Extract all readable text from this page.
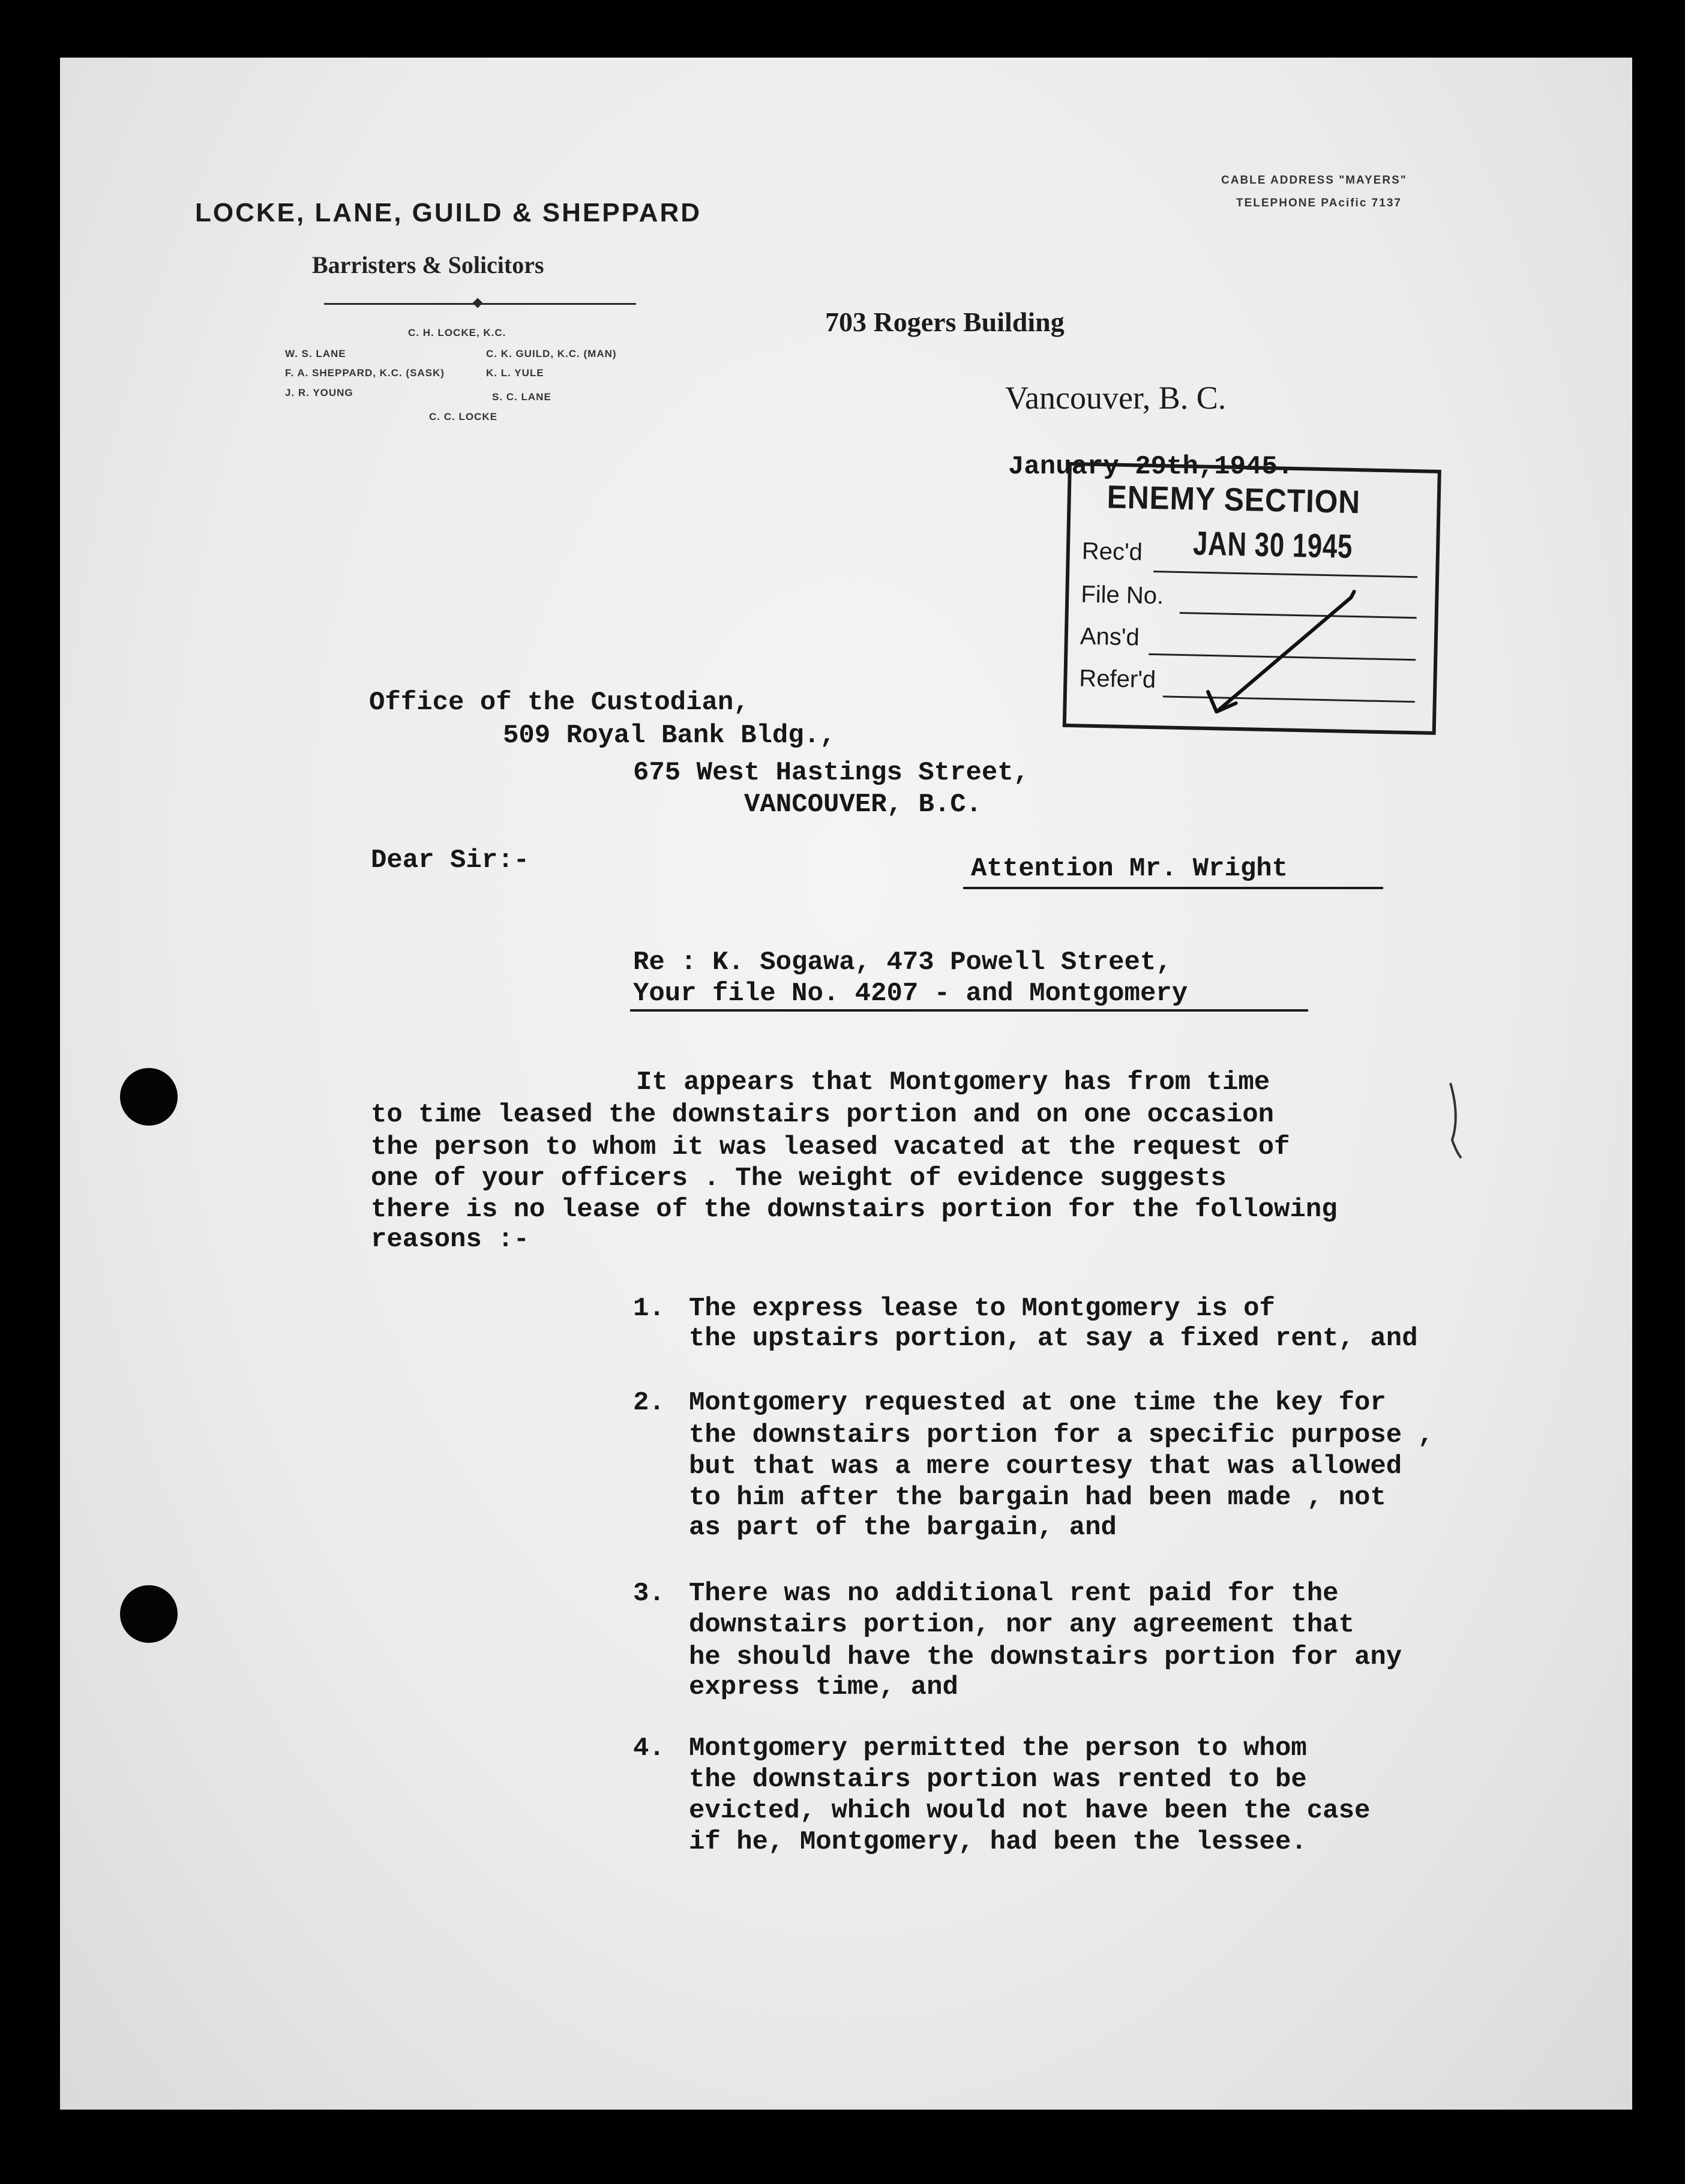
LOCKE, LANE, GUILD & SHEPPARD
Barristers & Solicitors
C. H. LOCKE, K.C.
W. S. LANE	C. K. GUILD, K.C. (MAN)
F. A. SHEPPARD, K.C. (SASK)	K. L. YULE
J. R. YOUNG	S. C. LANE
C. C. LOCKE
CABLE ADDRESS "MAYERS"
TELEPHONE PAcific 7137
703 Rogers Building
Vancouver, B. C.
January 29th,1945.
ENEMY SECTION
Rec'd JAN 30 1945
File No.
Ans'd
Refer'd
Office of the Custodian,
509 Royal Bank Bldg.,
675 West Hastings Street,
VANCOUVER, B.C.
Dear Sir:-	Attention Mr. Wright
Re : K. Sogawa, 473 Powell Street,
Your file No. 4207 - and Montgomery
It appears that Montgomery has from time
to time leased the downstairs portion and on one occasion
the person to whom it was leased vacated at the request of
one of your officers . The weight of evidence suggests
there is no lease of the downstairs portion for the following
reasons :-
1. The express lease to Montgomery is of
the upstairs portion, at say a fixed rent, and
2. Montgomery requested at one time the key for
the downstairs portion for a specific purpose ,
but that was a mere courtesy that was allowed
to him after the bargain had been made , not
as part of the bargain, and
3. There was no additional rent paid for the
downstairs portion, nor any agreement that
he should have the downstairs portion for any
express time, and
4. Montgomery permitted the person to whom
the downstairs portion was rented to be
evicted, which would not have been the case
if he, Montgomery, had been the lessee.
